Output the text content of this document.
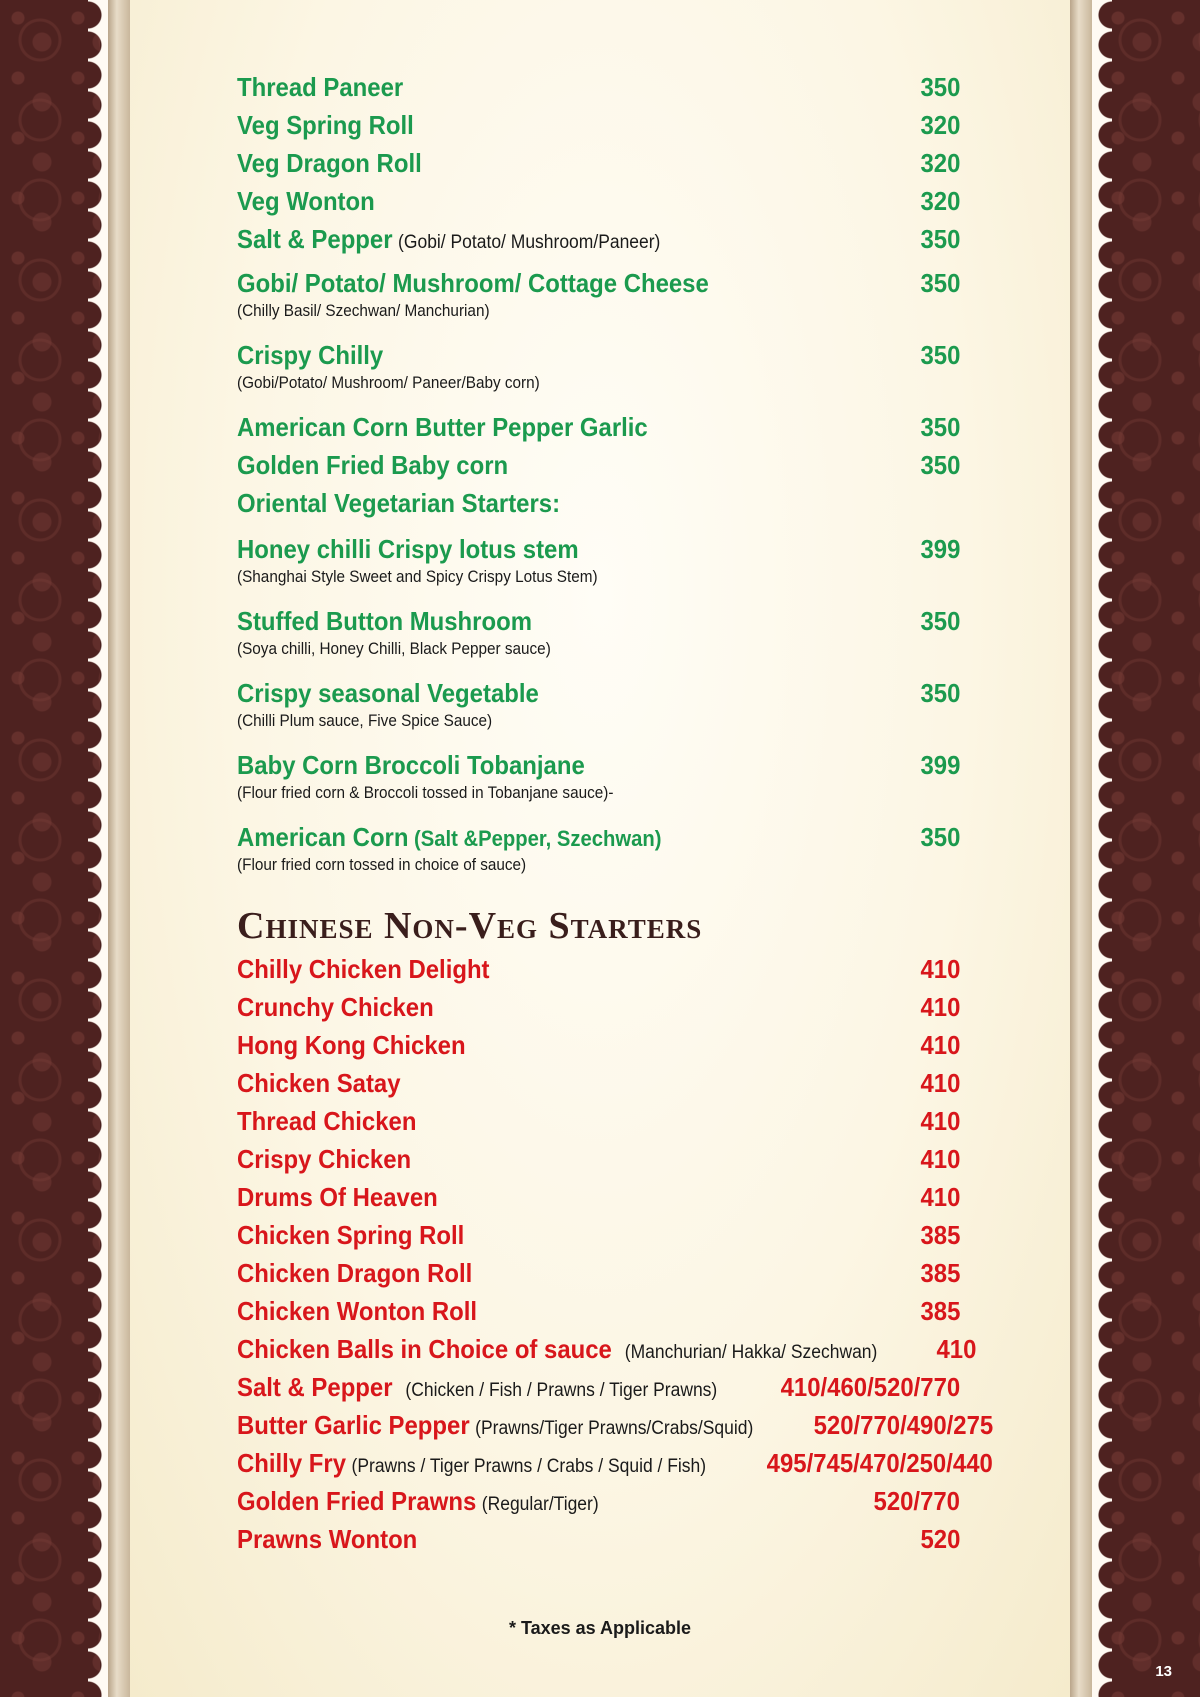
Thread Paneer	350
Veg Spring Roll	320
Veg Dragon Roll	320
Veg Wonton	320
Salt & Pepper (Gobi/ Potato/ Mushroom/Paneer)	350
Gobi/ Potato/ Mushroom/ Cottage Cheese	350
(Chilly Basil/ Szechwan/ Manchurian)
Crispy Chilly	350
(Gobi/Potato/ Mushroom/ Paneer/Baby corn)
American Corn Butter Pepper Garlic	350
Golden Fried Baby corn	350
Oriental Vegetarian Starters:
Honey chilli Crispy lotus stem	399
(Shanghai Style Sweet and Spicy Crispy Lotus Stem)
Stuffed Button Mushroom	350
(Soya chilli, Honey Chilli, Black Pepper sauce)
Crispy seasonal Vegetable	350
(Chilli Plum sauce, Five Spice Sauce)
Baby Corn Broccoli Tobanjane	399
(Flour fried corn & Broccoli tossed in Tobanjane sauce)-
American Corn (Salt &Pepper, Szechwan)	350
(Flour fried corn tossed in choice of sauce)
Chinese Non-Veg Starters
Chilly Chicken Delight	410
Crunchy Chicken	410
Hong Kong Chicken	410
Chicken Satay	410
Thread Chicken	410
Crispy Chicken	410
Drums Of Heaven	410
Chicken Spring Roll	385
Chicken Dragon Roll	385
Chicken Wonton Roll	385
Chicken Balls in Choice of sauce (Manchurian/ Hakka/ Szechwan) 410
Salt & Pepper (Chicken / Fish / Prawns / Tiger Prawns) 410/460/520/770
Butter Garlic Pepper (Prawns/Tiger Prawns/Crabs/Squid) 520/770/490/275
Chilly Fry (Prawns / Tiger Prawns / Crabs / Squid / Fish) 495/745/470/250/440
Golden Fried Prawns (Regular/Tiger)	520/770
Prawns Wonton	520
* Taxes as Applicable
13
